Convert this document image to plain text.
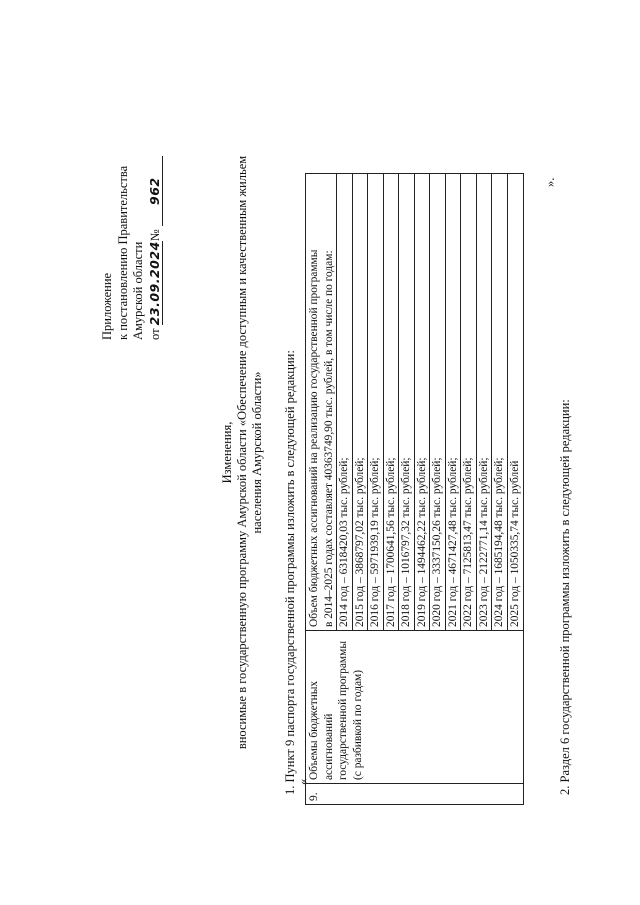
Приложение к постановлению Правительства Амурской области от 23.09.2024№ 962
Изменения, вносимые в государственную программу Амурской области «Обеспечение доступным и качественным жильем населения Амурской области» 1. Пункт 9 паспорта государственной программы изложить в следующей редакции: «
9.	Объемы бюджетных ассигнований государственной программы (с разбивкой по годам)	
Объем бюджетных ассигнований на реализацию государственной программы в 2014–2025 годах составляет 40363749,90 тыс. рублей, в том числе по годам: 2014 год – 6318420,03 тыс. рублей; 2015 год – 3868797,02 тыс. рублей; 2016 год – 5971939,19 тыс. рублей; 2017 год – 1700641,56 тыс. рублей; 2018 год – 1016797,32 тыс. рублей; 2019 год – 1494462,22 тыс. рублей; 2020 год – 3337150,26 тыс. рублей; 2021 год – 4671427,48 тыс. рублей; 2022 год – 7125813,47 тыс. рублей; 2023 год – 2122771,14 тыс. рублей; 2024 год – 1685194,48 тыс. рублей; 2025 год – 1050335,74 тыс. рублей
».
2. Раздел 6 государственной программы изложить в следующей редакции:
